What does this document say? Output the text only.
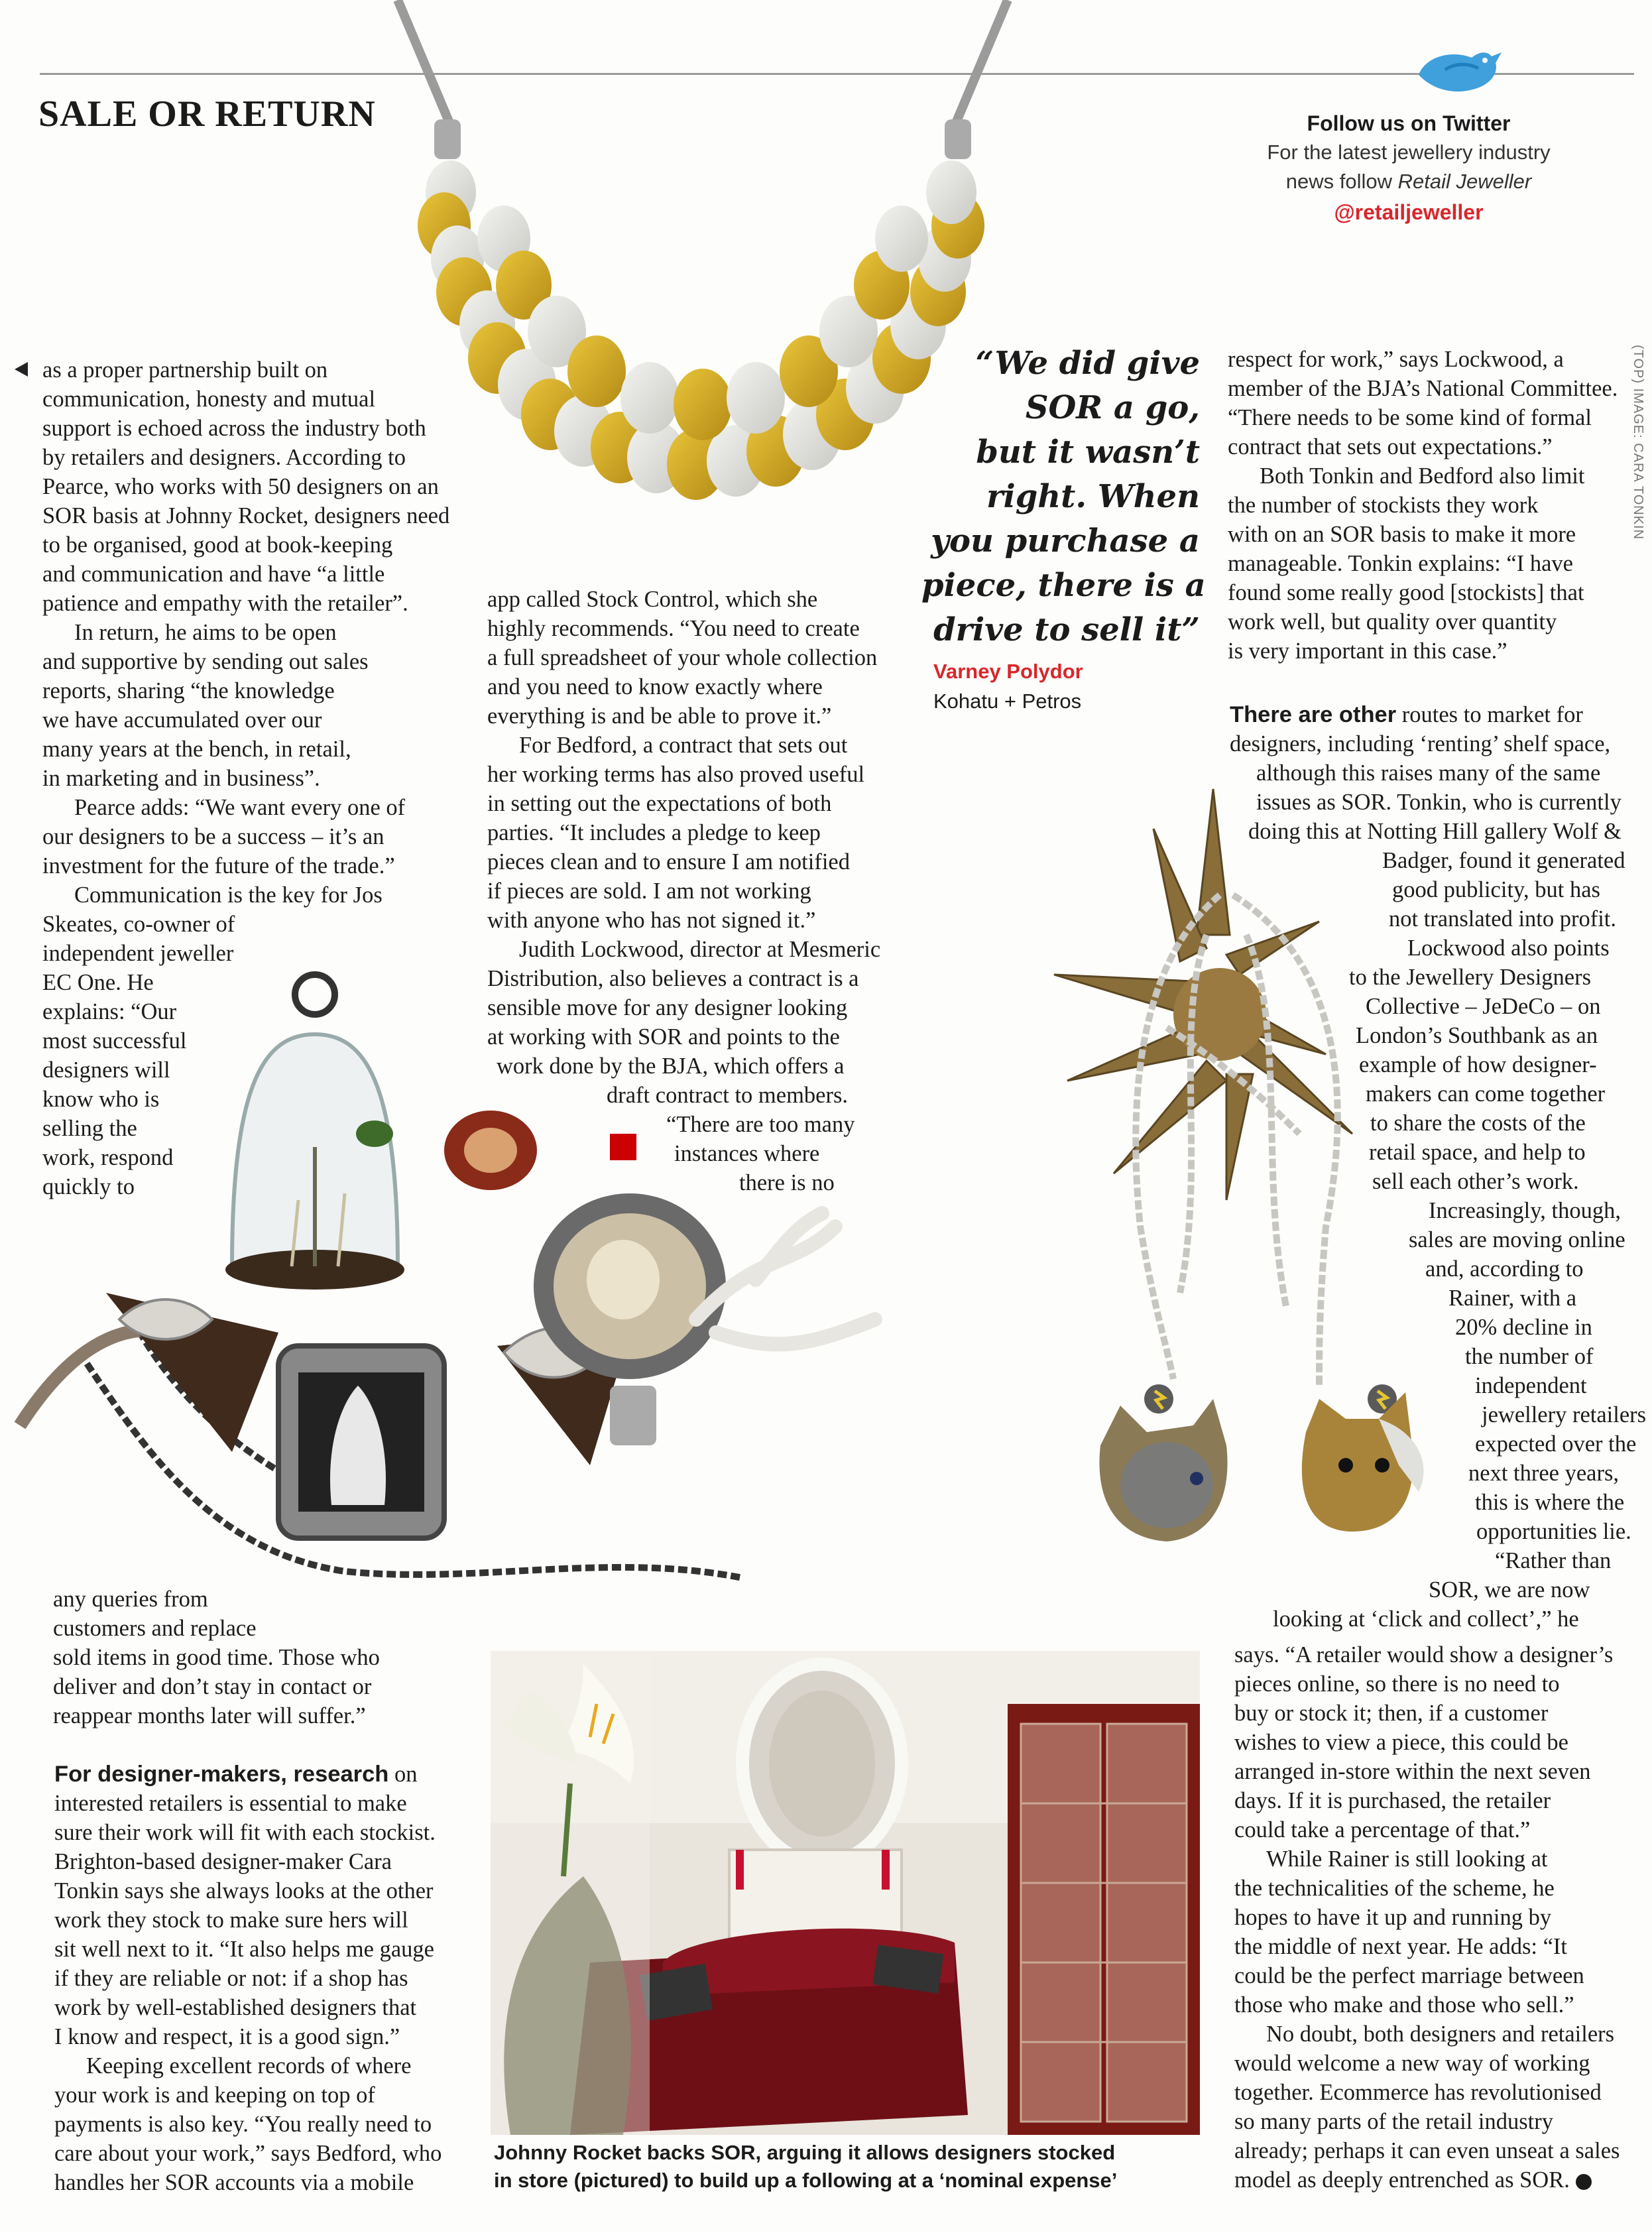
SALE OR RETURN	Follow us on Twitter
For the latest jewellery industry
news follow Retail Jeweller
@retailjeweller
(TOP) IMAGE: CARA TONKIN
“We did give
SOR a go,
but it wasn’t
right. When
you purchase a
piece, there is a
drive to sell it”
Varney Polydor
Kohatu + Petros
as a proper partnership built on
communication, honesty and mutual
support is echoed across the industry both
by retailers and designers. According to
Pearce, who works with 50 designers on an
SOR basis at Johnny Rocket, designers need
to be organised, good at book-keeping
and communication and have “a little
patience and empathy with the retailer”.
In return, he aims to be open
and supportive by sending out sales
reports, sharing “the knowledge
we have accumulated over our
many years at the bench, in retail,
in marketing and in business”.
Pearce adds: “We want every one of
our designers to be a success – it’s an
investment for the future of the trade.”
Communication is the key for Jos
Skeates, co-owner of
independent jeweller
EC One. He
explains: “Our
most successful
designers will
know who is
selling the
work, respond
quickly to
app called Stock Control, which she
highly recommends. “You need to create
a full spreadsheet of your whole collection
and you need to know exactly where
everything is and be able to prove it.”
For Bedford, a contract that sets out
her working terms has also proved useful
in setting out the expectations of both
parties. “It includes a pledge to keep
pieces clean and to ensure I am notified
if pieces are sold. I am not working
with anyone who has not signed it.”
Judith Lockwood, director at Mesmeric
Distribution, also believes a contract is a
sensible move for any designer looking
at working with SOR and points to the
work done by the BJA, which offers a
draft contract to members.
“There are too many
instances where
there is no
respect for work,” says Lockwood, a
member of the BJA’s National Committee.
“There needs to be some kind of formal
contract that sets out expectations.”
Both Tonkin and Bedford also limit
the number of stockists they work
with on an SOR basis to make it more
manageable. Tonkin explains: “I have
found some really good [stockists] that
work well, but quality over quantity
is very important in this case.”
There are other routes to market for
designers, including ‘renting’ shelf space,
although this raises many of the same
issues as SOR. Tonkin, who is currently
doing this at Notting Hill gallery Wolf &
Badger, found it generated
good publicity, but has
not translated into profit.
Lockwood also points
to the Jewellery Designers
Collective – JeDeCo – on
London’s Southbank as an
example of how designer-
makers can come together
to share the costs of the
retail space, and help to
sell each other’s work.
Increasingly, though,
sales are moving online
and, according to
Rainer, with a
20% decline in
the number of
independent
jewellery retailers
expected over the
next three years,
this is where the
opportunities lie.
“Rather than
SOR, we are now
looking at ‘click and collect’,” he
says. “A retailer would show a designer’s
pieces online, so there is no need to
buy or stock it; then, if a customer
wishes to view a piece, this could be
arranged in-store within the next seven
days. If it is purchased, the retailer
could take a percentage of that.”
While Rainer is still looking at
the technicalities of the scheme, he
hopes to have it up and running by
the middle of next year. He adds: “It
could be the perfect marriage between
those who make and those who sell.”
No doubt, both designers and retailers
would welcome a new way of working
together. Ecommerce has revolutionised
so many parts of the retail industry
already; perhaps it can even unseat a sales
model as deeply entrenched as SOR.
any queries from
customers and replace
sold items in good time. Those who
deliver and don’t stay in contact or
reappear months later will suffer.”
For designer-makers, research on
interested retailers is essential to make
sure their work will fit with each stockist.
Brighton-based designer-maker Cara
Tonkin says she always looks at the other
work they stock to make sure hers will
sit well next to it. “It also helps me gauge
if they are reliable or not: if a shop has
work by well-established designers that
I know and respect, it is a good sign.”
Keeping excellent records of where
your work is and keeping on top of
payments is also key. “You really need to
care about your work,” says Bedford, who
handles her SOR accounts via a mobile
Johnny Rocket backs SOR, arguing it allows designers stocked
in store (pictured) to build up a following at a ‘nominal expense’
